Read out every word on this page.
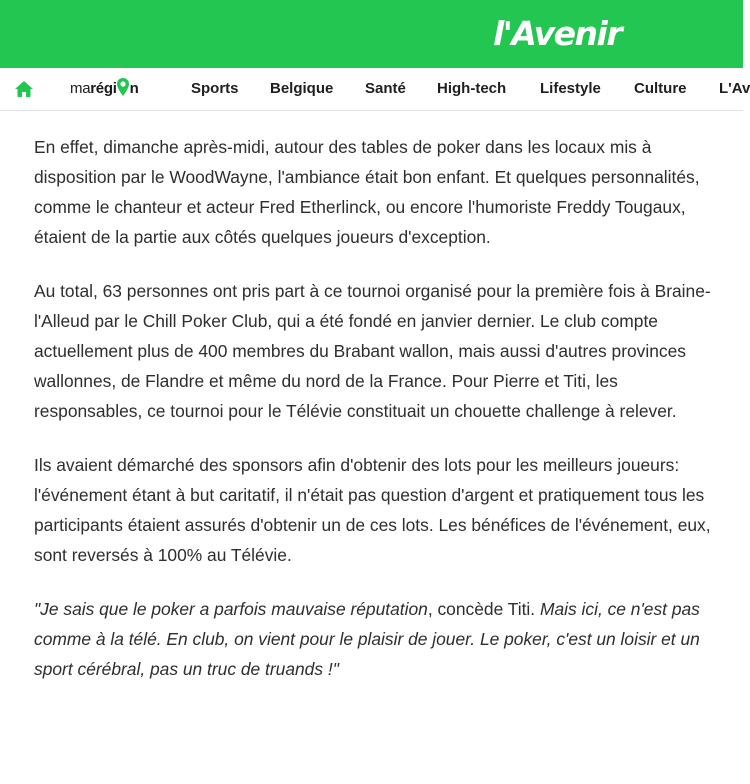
l'Avenir
marégi n	Sports Belgique Santé High-tech Lifestyle Culture L'Av

En effet, dimanche après-midi, autour des tables de poker dans les locaux mis à disposition par le WoodWayne, l'ambiance était bon enfant. Et quelques personnalités, comme le chanteur et acteur Fred Etherlinck, ou encore l'humoriste Freddy Tougaux, étaient de la partie aux côtés quelques joueurs d'exception.

Au total, 63 personnes ont pris part à ce tournoi organisé pour la première fois à Braine-l'Alleud par le Chill Poker Club, qui a été fondé en janvier dernier. Le club compte actuellement plus de 400 membres du Brabant wallon, mais aussi d'autres provinces wallonnes, de Flandre et même du nord de la France. Pour Pierre et Titi, les responsables, ce tournoi pour le Télévie constituait un chouette challenge à relever.

Ils avaient démarché des sponsors afin d'obtenir des lots pour les meilleurs joueurs: l'événement étant à but caritatif, il n'était pas question d'argent et pratiquement tous les participants étaient assurés d'obtenir un de ces lots. Les bénéfices de l'événement, eux, sont reversés à 100% au Télévie.

"Je sais que le poker a parfois mauvaise réputation, concède Titi. Mais ici, ce n'est pas comme à la télé. En club, on vient pour le plaisir de jouer. Le poker, c'est un loisir et un sport cérébral, pas un truc de truands !"
